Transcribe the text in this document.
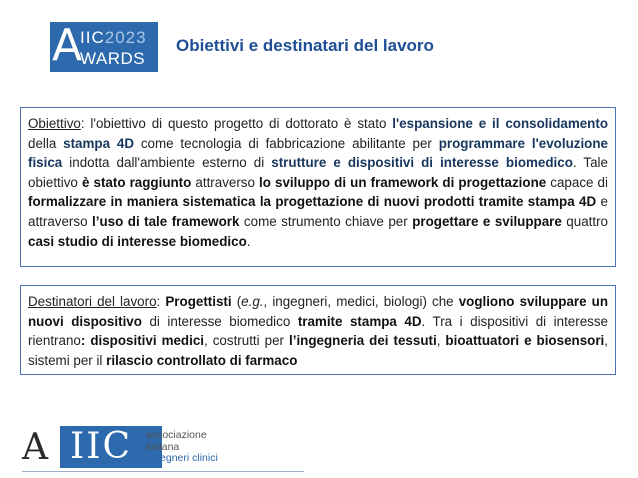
A
IIC2023
WARDS
Obiettivi e destinatari del lavoro
Obiettivo: l'obiettivo di questo progetto di dottorato è stato l'espansione e il consolidamento della stampa 4D come tecnologia di fabbricazione abilitante per programmare l'evoluzione fisica indotta dall'ambiente esterno di strutture e dispositivi di interesse biomedico. Tale obiettivo è stato raggiunto attraverso lo sviluppo di un framework di progettazione capace di formalizzare in maniera sistematica la progettazione di nuovi prodotti tramite stampa 4D e attraverso l’uso di tale framework come strumento chiave per progettare e sviluppare quattro casi studio di interesse biomedico.
Destinatori del lavoro: Progettisti (e.g., ingegneri, medici, biologi) che vogliono sviluppare un nuovi dispositivo di interesse biomedico tramite stampa 4D. Tra i dispositivi di interesse rientrano: dispositivi medici, costrutti per l’ingegneria dei tessuti, bioattuatori e biosensori, sistemi per il rilascio controllato di farmaco
A IIC	associazione
italiana
ingegneri clinici
